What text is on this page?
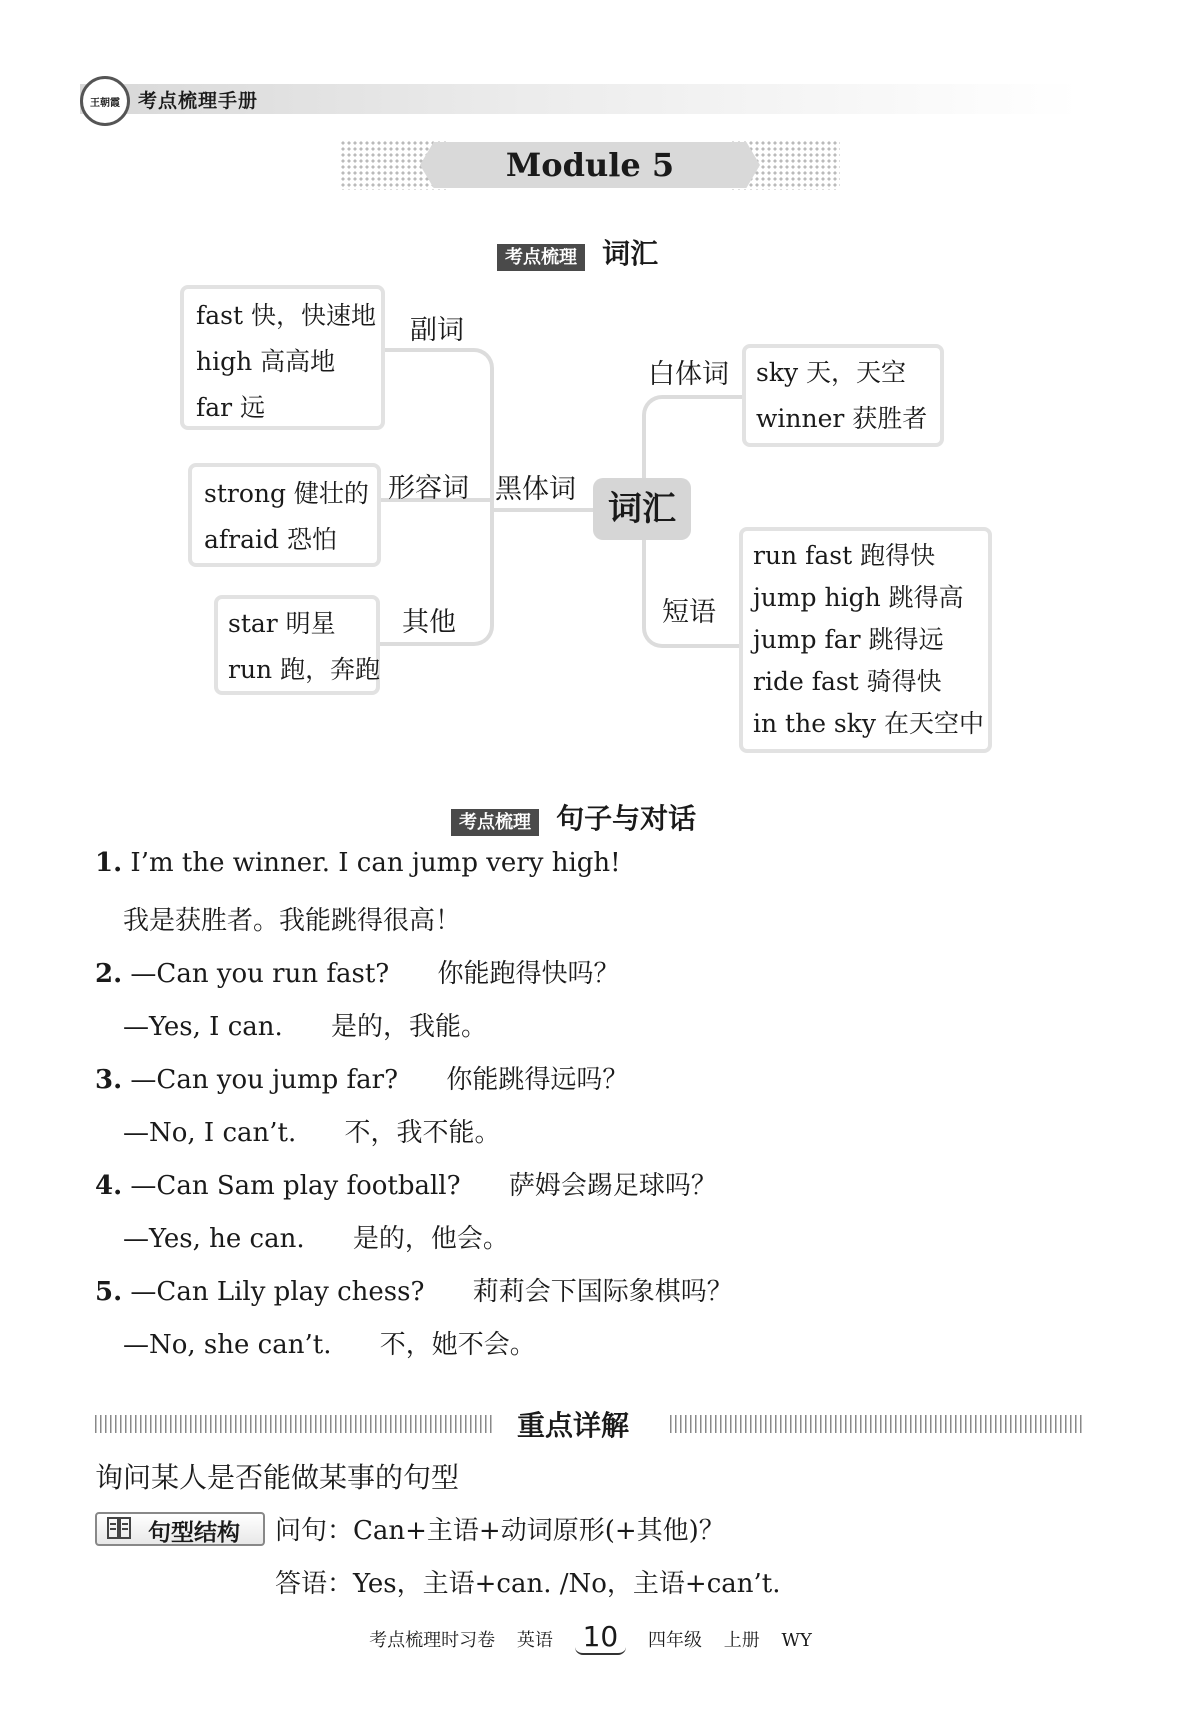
王朝霞 考点梳理手册
Module 5
考点梳理 词汇
fast 快，快速地
high 高高地
far 远
strong 健壮的
afraid 恐怕
star 明星
run 跑，奔跑
sky 天，天空
winner 获胜者
run fast 跑得快
jump high 跳得高
jump far 跳得远
ride fast 骑得快
in the sky 在天空中
副词
形容词
其他
黑体词
白体词
短语
词汇
考点梳理 句子与对话
1. I’m the winner. I can jump very high!
我是获胜者。我能跳得很高！
2. —Can you run fast? 你能跑得快吗？
—Yes, I can. 是的，我能。
3. —Can you jump far? 你能跳得远吗？
—No, I can’t. 不，我不能。
4. —Can Sam play football? 萨姆会踢足球吗？
—Yes, he can. 是的，他会。
5. —Can Lily play chess? 莉莉会下国际象棋吗？
—No, she can’t. 不，她不会。
重点详解
询问某人是否能做某事的句型
句型结构 问句：Can+主语+动词原形(+其他)？
答语：Yes，主语+can. /No，主语+can’t.
考点梳理时习卷 英语 10 四年级 上册 WY
